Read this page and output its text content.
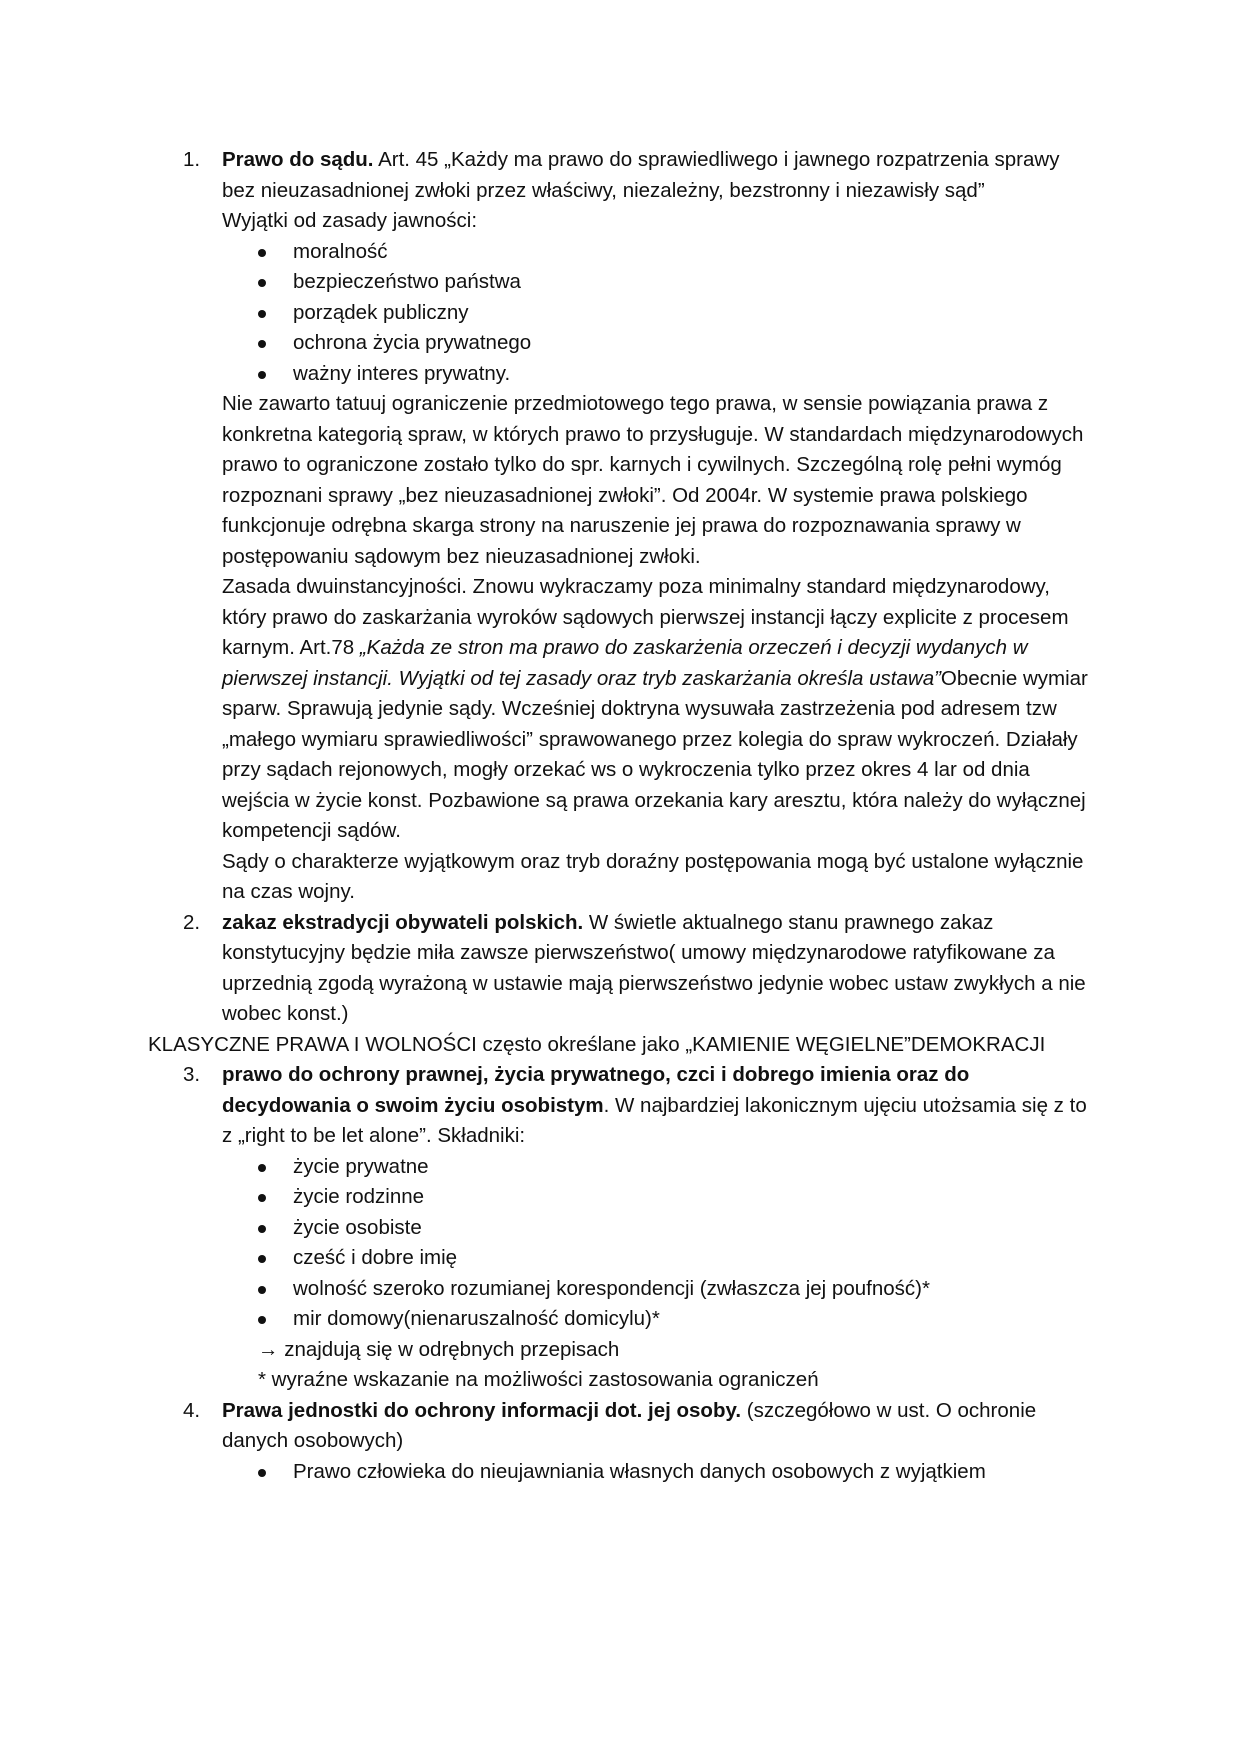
1. Prawo do sądu. Art. 45 „Każdy ma prawo do sprawiedliwego i jawnego rozpatrzenia sprawy bez nieuzasadnionej zwłoki przez właściwy, niezależny, bezstronny i niezawisły sąd”
Wyjątki od zasady jawności:
moralność
bezpieczeństwo państwa
porządek publiczny
ochrona życia prywatnego
ważny interes prywatny.
Nie zawarto tatuuj ograniczenie przedmiotowego tego prawa, w sensie powiązania prawa z konkretna kategorią spraw, w których prawo to przysługuje. W standardach międzynarodowych prawo to ograniczone zostało tylko do spr. karnych i cywilnych. Szczególną rolę pełni wymóg rozpoznani sprawy „bez nieuzasadnionej zwłoki”. Od 2004r. W systemie prawa polskiego funkcjonuje odrębna skarga strony na naruszenie jej prawa do rozpoznawania sprawy w postępowaniu sądowym bez nieuzasadnionej zwłoki.
Zasada dwuinstancyjności. Znowu wykraczamy poza minimalny standard międzynarodowy, który prawo do zaskarżania wyroków sądowych pierwszej instancji łączy explicite z procesem karnym. Art.78 „Każda ze stron ma prawo do zaskarżenia orzeczeń i decyzji wydanych w pierwszej instancji. Wyjątki od tej zasady oraz tryb zaskarżania określa ustawa”Obecnie wymiar sparw. Sprawują jedynie sądy. Wcześniej doktryna wysuwała zastrzeżenia pod adresem tzw „małego wymiaru sprawiedliwości” sprawowanego przez kolegia do spraw wykroczeń. Działały przy sądach rejonowych, mogły orzekać ws o wykroczenia tylko przez okres 4 lar od dnia wejścia w życie konst. Pozbawione są prawa orzekania kary aresztu, która należy do wyłącznej kompetencji sądów.
Sądy o charakterze wyjątkowym oraz tryb doraźny postępowania mogą być ustalone wyłącznie na czas wojny.
2. zakaz ekstradycji obywateli polskich. W świetle aktualnego stanu prawnego zakaz konstytucyjny będzie miła zawsze pierwszeństwo( umowy międzynarodowe ratyfikowane za uprzednią zgodą wyrażoną w ustawie mają pierwszeństwo jedynie wobec ustaw zwykłych a nie wobec konst.)
KLASYCZNE PRAWA I WOLNOŚCI często określane jako „KAMIENIE WĘGIELNE”DEMOKRACJI
3. prawo do ochrony prawnej, życia prywatnego, czci i dobrego imienia oraz do decydowania o swoim życiu osobistym. W najbardziej lakonicznym ujęciu utożsamia się z to z „right to be let alone”. Składniki:
życie prywatne
życie rodzinne
życie osobiste
cześć i dobre imię
wolność szeroko rozumianej korespondencji (zwłaszcza jej poufność)*
mir domowy(nienaruszalność domicylu)*
→ znajdują się w odrębnych przepisach
* wyraźne wskazanie na możliwości zastosowania ograniczeń
4. Prawa jednostki do ochrony informacji dot. jej osoby. (szczegółowo w ust. O ochronie danych osobowych)
Prawo człowieka do nieujawniania własnych danych osobowych z wyjątkiem
